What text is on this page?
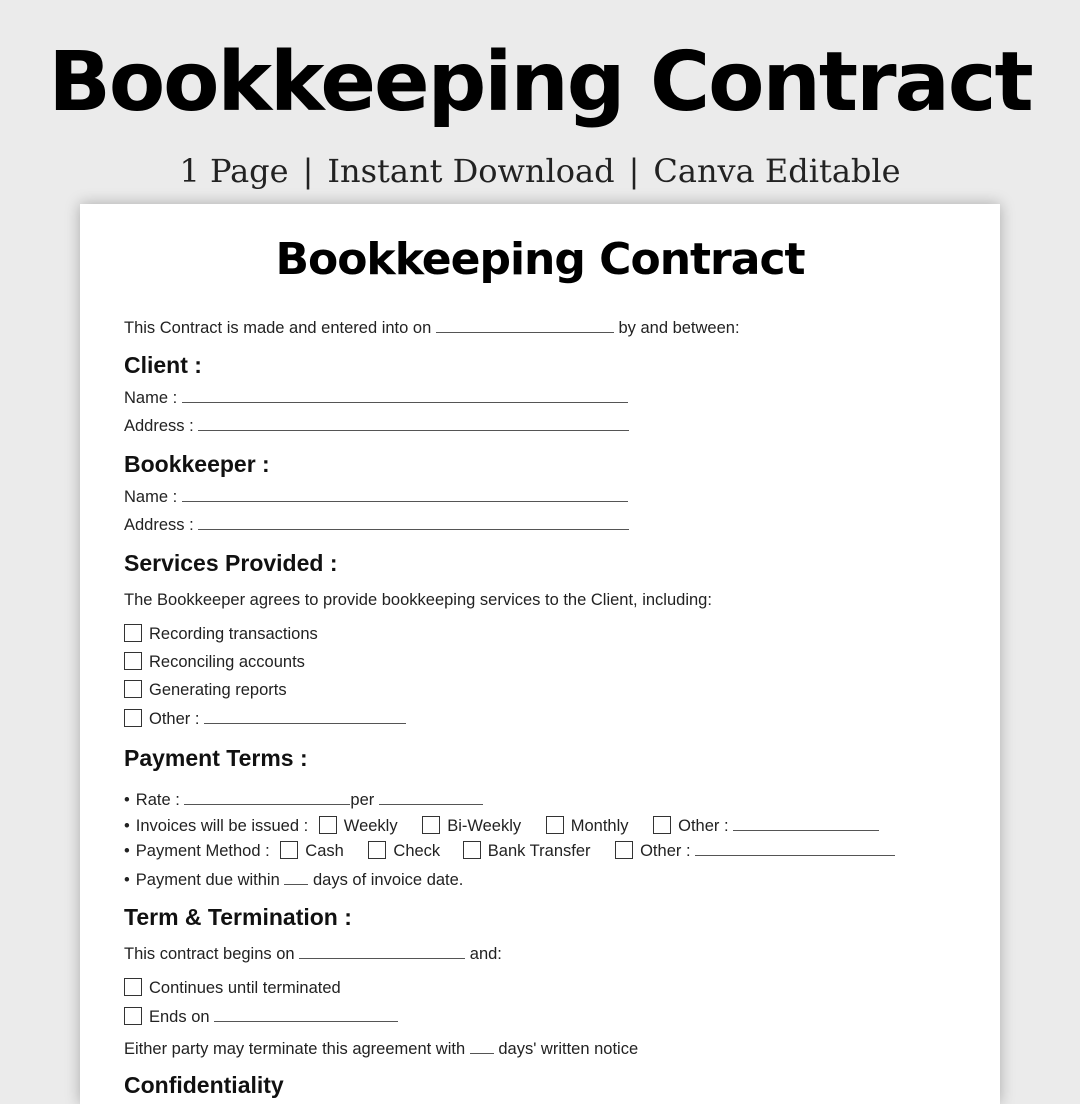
Bookkeeping Contract
1 Page | Instant Download | Canva Editable
Bookkeeping Contract
This Contract is made and entered into on	by and between:
Client :
Name :
Address :
Bookkeeper :
Name :
Address :
Services Provided :
The Bookkeeper agrees to provide bookkeeping services to the Client, including:
Recording transactions
Reconciling accounts
Generating reports
Other :
Payment Terms :
• Rate :	per
• Invoices will be issued : Weekly	Bi-Weekly	Monthly	Other :
• Payment Method : Cash	Check	Bank Transfer	Other :
• Payment due within days of invoice date.
Term & Termination :
This contract begins on	and:
Continues until terminated
Ends on
Either party may terminate this agreement with days' written notice
Confidentiality
